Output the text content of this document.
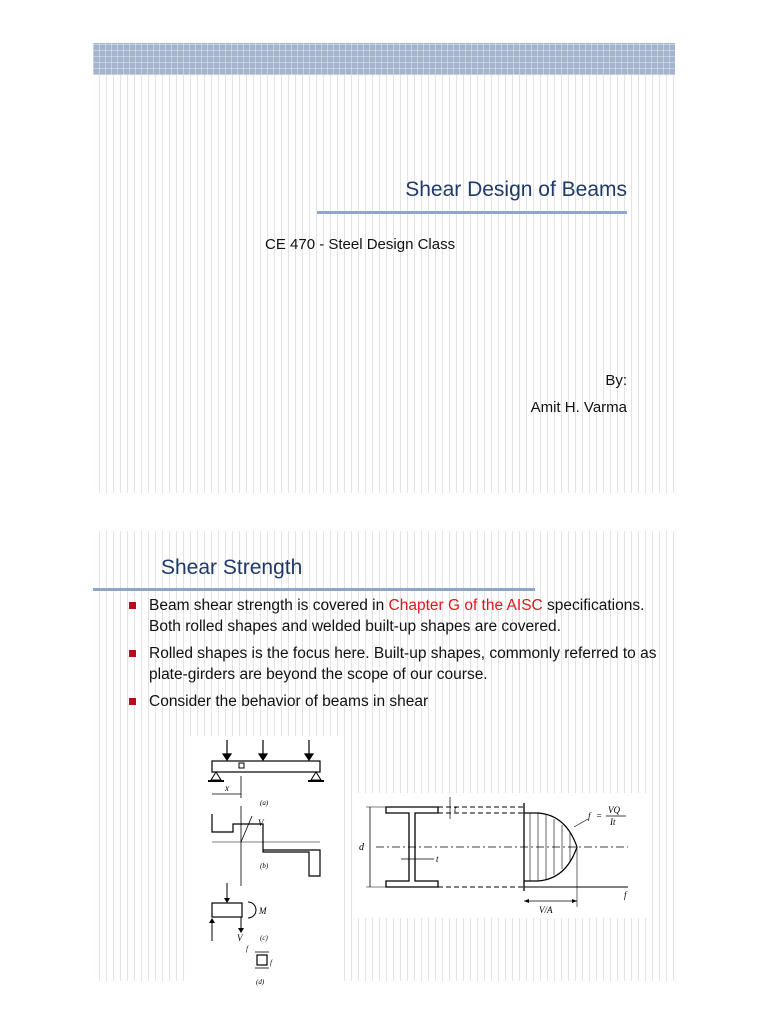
Shear Design of Beams
CE 470 - Steel Design Class
By:
Amit H. Varma
Shear Strength
Beam shear strength is covered in Chapter G of the AISC specifications. Both rolled shapes and welded built-up shapes are covered.
Rolled shapes is the focus here. Built-up shapes, commonly referred to as plate-girders are beyond the scope of our course.
Consider the behavior of beams in shear
x
(a)
V
(b)
M
V	(c)
f
f
(d)
d
t
t
f =
VQ
It
V/A
f
